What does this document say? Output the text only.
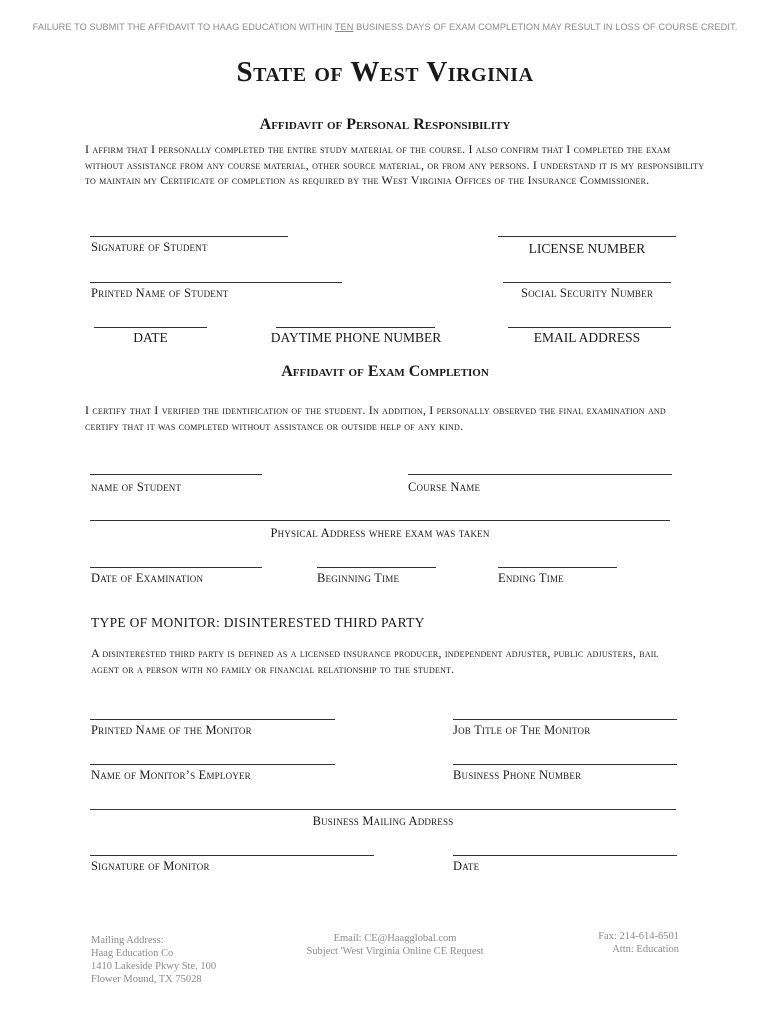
FAILURE TO SUBMIT THE AFFIDAVIT TO HAAG EDUCATION WITHIN TEN BUSINESS DAYS OF EXAM COMPLETION MAY RESULT IN LOSS OF COURSE CREDIT.
State of West Virginia
Affidavit of Personal Responsibility
I affirm that I personally completed the entire study material of the course. I also confirm that I completed the exam without assistance from any course material, other source material, or from any persons. I understand it is my responsibility to maintain my Certificate of completion as required by the West Virginia Offices of the Insurance Commissioner.
Signature of Student	LICENSE NUMBER
Printed Name of Student	Social Security Number
DATE	DAYTIME PHONE NUMBER	EMAIL ADDRESS
Affidavit of Exam Completion
I certify that I verified the identification of the student. In addition, I personally observed the final examination and certify that it was completed without assistance or outside help of any kind.
name of Student	Course Name
Physical Address where exam was taken
Date of Examination	Beginning Time	Ending Time
TYPE OF MONITOR: DISINTERESTED THIRD PARTY
A disinterested third party is defined as a licensed insurance producer, independent adjuster, public adjusters, bail agent or a person with no family or financial relationship to the student.
Printed Name of the Monitor	Job Title of The Monitor
Name of Monitor’s Employer	Business Phone Number
Business Mailing Address
Signature of Monitor	Date
Mailing Address:
Haag Education Co
1410 Lakeside Pkwy Ste. 100
Flower Mound, TX 75028
Email: CE@Haagglobal.com
Subject 'West Virginia Online CE Request
Fax: 214-614-6501
Attn: Education
